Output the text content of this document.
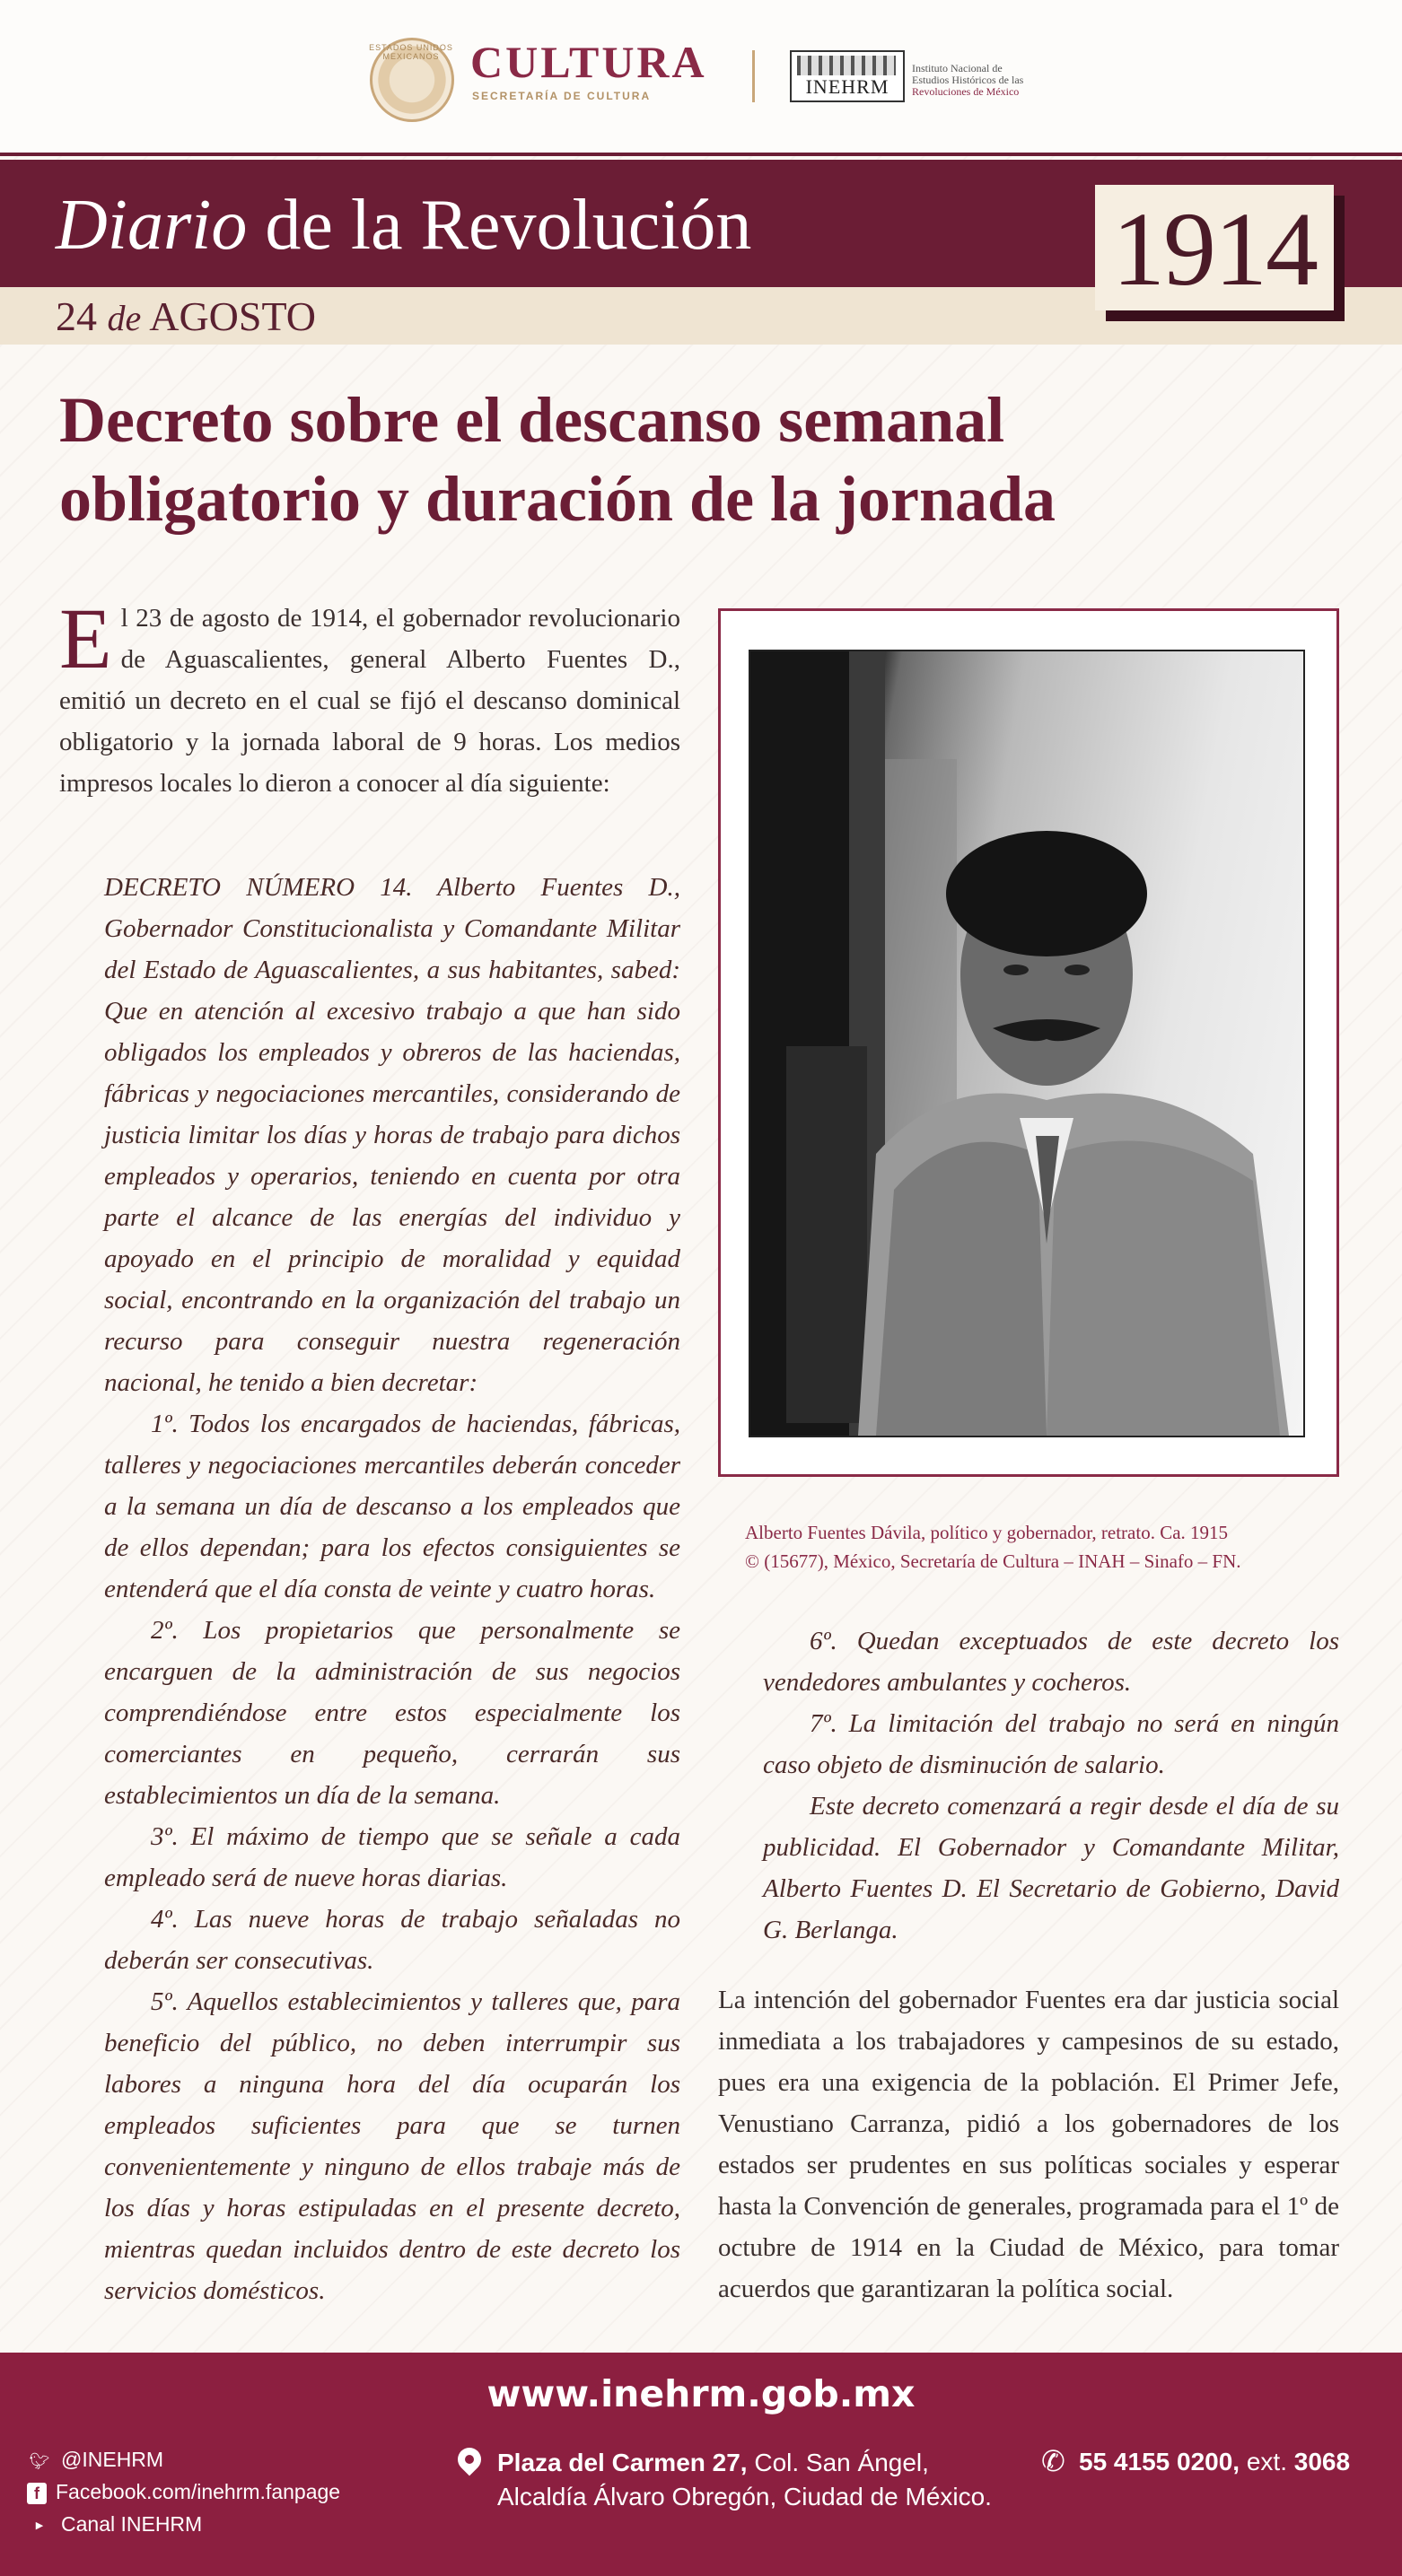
ESTADOS UNIDOS MEXICANOS CULTURA
SECRETARÍA DE CULTURA	INEHRM
Instituto Nacional de
Estudios Históricos de las
Revoluciones de México
Diario de la Revolución
24 de AGOSTO
1914
Decreto sobre el descanso semanal obligatorio y duración de la jornada
El 23 de agosto de 1914, el gobernador revolucionario de Aguascalientes, general Alberto Fuentes D., emitió un decreto en el cual se fijó el descanso dominical obligatorio y la jornada laboral de 9 horas. Los medios impresos locales lo dieron a conocer al día siguiente:
DECRETO NÚMERO 14. Alberto Fuentes D., Gobernador Constitucionalista y Comandante Militar del Estado de Aguascalientes, a sus habitantes, sabed: Que en atención al excesivo trabajo a que han sido obligados los empleados y obreros de las haciendas, fábricas y negociaciones mercantiles, considerando de justicia limitar los días y horas de trabajo para dichos empleados y operarios, teniendo en cuenta por otra parte el alcance de las energías del individuo y apoyado en el principio de moralidad y equidad social, encontrando en la organización del trabajo un recurso para conseguir nuestra regeneración nacional, he tenido a bien decretar:
1º. Todos los encargados de haciendas, fábricas, talleres y negociaciones mercantiles deberán conceder a la semana un día de descanso a los empleados que de ellos dependan; para los efectos consiguientes se entenderá que el día consta de veinte y cuatro horas.
2º. Los propietarios que personalmente se encarguen de la administración de sus negocios comprendiéndose entre estos especialmente los comerciantes en pequeño, cerrarán sus establecimientos un día de la semana.
3º. El máximo de tiempo que se señale a cada empleado será de nueve horas diarias.
4º. Las nueve horas de trabajo señaladas no deberán ser consecutivas.
5º. Aquellos establecimientos y talleres que, para beneficio del público, no deben interrumpir sus labores a ninguna hora del día ocuparán los empleados suficientes para que se turnen convenientemente y ninguno de ellos trabaje más de los días y horas estipuladas en el presente decreto, mientras quedan incluidos dentro de este decreto los servicios domésticos.
Alberto Fuentes Dávila, político y gobernador, retrato. Ca. 1915
© (15677), México, Secretaría de Cultura – INAH – Sinafo – FN.
6º. Quedan exceptuados de este decreto los vendedores ambulantes y cocheros.
7º. La limitación del trabajo no será en ningún caso objeto de disminución de salario.
Este decreto comenzará a regir desde el día de su publicidad. El Gobernador y Comandante Militar, Alberto Fuentes D. El Secretario de Gobierno, David G. Berlanga.
La intención del gobernador Fuentes era dar justicia social inmediata a los trabajadores y campesinos de su estado, pues era una exigencia de la población. El Primer Jefe, Venustiano Carranza, pidió a los gobernadores de los estados ser prudentes en sus políticas sociales y esperar hasta la Convención de generales, programada para el 1º de octubre de 1914 en la Ciudad de México, para tomar acuerdos que garantizaran la política social.
www.inehrm.gob.mx
🐦︎ @INEHRM
f Facebook.com/inehrm.fanpage
▶ Canal INEHRM
Plaza del Carmen 27, Col. San Ángel,
Alcaldía Álvaro Obregón, Ciudad de México.
✆ 55 4155 0200, ext. 3068
